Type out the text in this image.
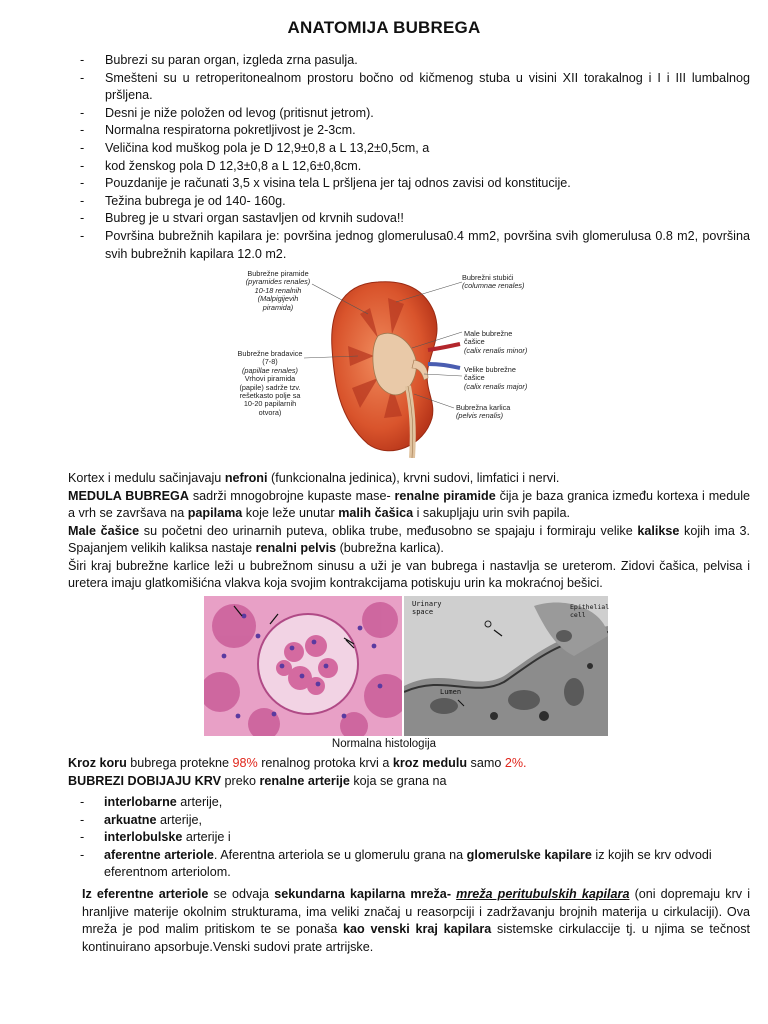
ANATOMIJA BUBREGA
- Bubrezi su paran organ, izgleda zrna pasulja.
- Smešteni su u retroperitonealnom prostoru bočno od kičmenog stuba u visini XII torakalnog i I i III lumbalnog pršljena.
- Desni je niže položen od levog (pritisnut jetrom).
- Normalna respiratorna pokretljivost je 2-3cm.
- Veličina kod muškog pola je D 12,9±0,8 a L 13,2±0,5cm, a
- kod ženskog pola D 12,3±0,8 a L 12,6±0,8cm.
- Pouzdanije je računati 3,5 x visina tela L pršljena jer taj odnos zavisi od konstitucije.
- Težina bubrega je od 140- 160g.
- Bubreg je u stvari organ sastavljen od krvnih sudova!!
- Površina bubrežnih kapilara je: površina jednog glomerulusa0.4 mm2, površina svih glomerulusa 0.8 m2, površina svih bubrežnih kapilara 12.0 m2.
Bubrežne piramide
(pyramides renales)
10-18 renalnih
(Malpigijevih
piramida)
Bubrežni stubići
(columnae renales)
Male bubrežne
čašice
(calix renalis minor)
Bubrežne bradavice
(7-8)
(papillae renales)
Vrhovi piramida
(papile) sadrže tzv.
rešetkasto polje sa
10-20 papilarnih
otvora)
Velike bubrežne
čašice
(calix renalis major)
Bubrežna karlica
(pelvis renalis)

Kortex i medulu sačinjavaju nefroni (funkcionalna jedinica), krvni sudovi, limfatici i nervi.

MEDULA BUBREGA sadrži mnogobrojne kupaste mase- renalne piramide čija je baza granica između kortexa i medule a vrh se završava na papilama koje leže unutar malih čašica i sakupljaju urin svih papila.

Male čašice su početni deo urinarnih puteva, oblika trube, međusobno se spajaju i formiraju velike kalikse kojih ima 3. Spajanjem velikih kaliksa nastaje renalni pelvis (bubrežna karlica).

Širi kraj bubrežne karlice leži u bubrežnom sinusu a uži je van bubrega i nastavlja se ureterom. Zidovi čašica, pelvisa i uretera imaju glatkomišićna vlakva koja svojim kontrakcijama potiskuju urin ka mokraćnoj bešici.

Urinary
space
Epithelial
cell
Lumen
Normalna histologija

Kroz koru bubrega protekne 98% renalnog protoka krvi a kroz medulu samo 2%.

BUBREZI DOBIJAJU KRV preko renalne arterije koja se grana na

- interlobarne arterije,
- arkuatne arterije,
- interlobulske arterije i
- aferentne arteriole. Aferentna arteriola se u glomerulu grana na glomerulske kapilare iz kojih se krv odvodi eferentnom arteriolom.

Iz eferentne arteriole se odvaja sekundarna kapilarna mreža- mreža peritubulskih kapilara (oni dopremaju krv i hranljive materije okolnim strukturama, ima veliki značaj u reasorpciji i zadržavanju brojnih materija u cirkulaciji). Ova mreža je pod malim pritiskom te se ponaša kao venski kraj kapilara sistemske cirkulaccije tj. u njima se tečnost kontinuirano apsorbuje.Venski sudovi prate artrijske.
